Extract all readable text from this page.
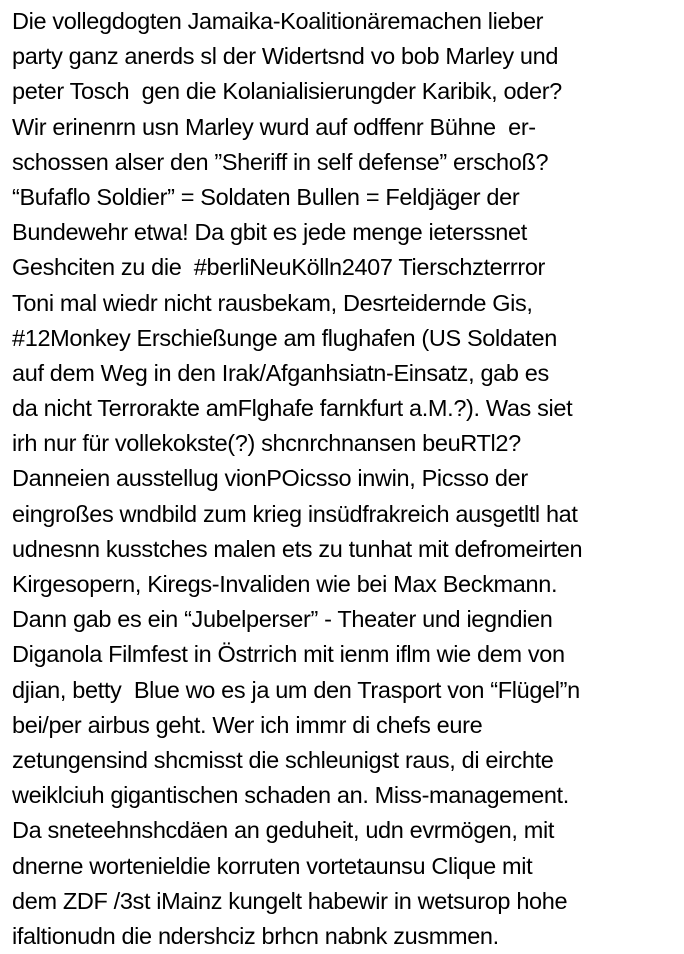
Die vollegdogten Jamaika-Koalitionäremachen lieber
party ganz anerds sl der Widertsnd vo bob Marley und
peter Tosch  gen die Kolanialisierungder Karibik, oder?
Wir erinenrn usn Marley wurd auf odffenr Bühne  er-
schossen alser den ”Sheriff in self defense” erschoß?
“Bufaflo Soldier” = Soldaten Bullen = Feldjäger der
Bundewehr etwa! Da gbit es jede menge ieterssnet
Geshciten zu die  #berliNeuKölln2407 Tierschzterrror
Toni mal wiedr nicht rausbekam, Desrteidernde Gis,
#12Monkey Erschießunge am flughafen (US Soldaten
auf dem Weg in den Irak/Afganhsiatn-Einsatz, gab es
da nicht Terrorakte amFlghafe farnkfurt a.M.?). Was siet
irh nur für vollekokste(?) shcnrchnansen beuRTl2?
Danneien ausstellug vionPOicsso inwin, Picsso der
eingroßes wndbild zum krieg insüdfrakreich ausgetltl hat
udnesnn kusstches malen ets zu tunhat mit defromeirten
Kirgesopern, Kiregs-Invaliden wie bei Max Beckmann.
Dann gab es ein “Jubelperser” - Theater und iegndien
Diganola Filmfest in Östrrich mit ienm iflm wie dem von
djian, betty  Blue wo es ja um den Trasport von “Flügel”n
bei/per airbus geht. Wer ich immr di chefs eure
zetungensind shcmisst die schleunigst raus, di eirchte
weiklciuh gigantischen schaden an. Miss-management.
Da sneteehnshcdäen an geduheit, udn evrmögen, mit
dnerne wortenieldie korruten vortetaunsu Clique mit
dem ZDF /3st iMainz kungelt habewir in wetsurop hohe
ifaltionudn die ndershciz brhcn nabnk zusmmen.
